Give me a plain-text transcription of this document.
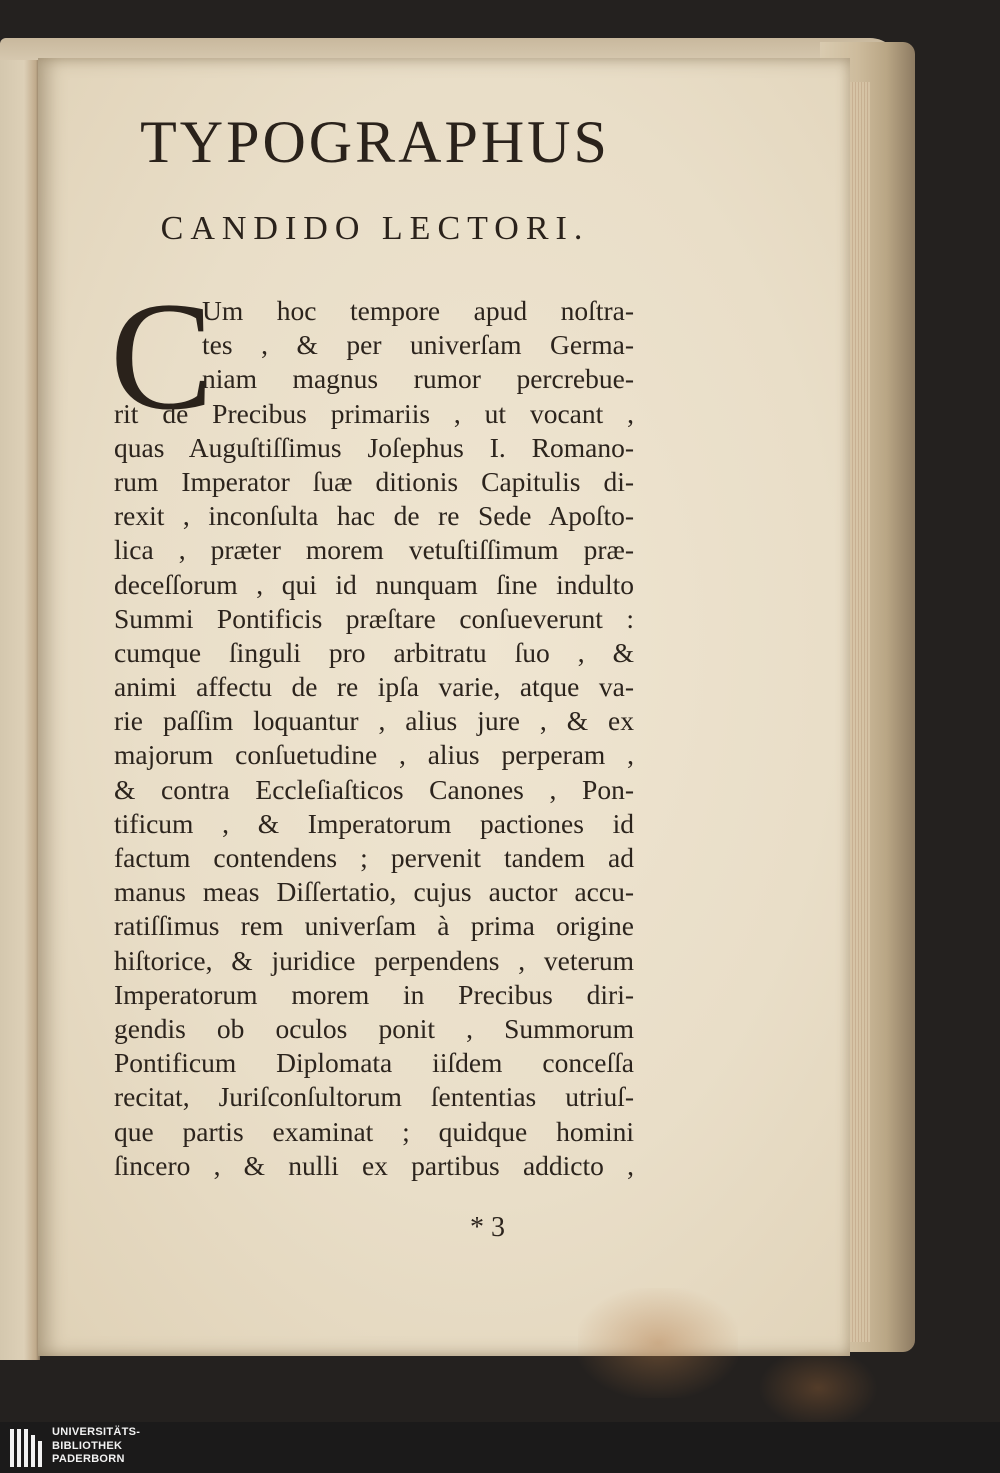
TYPOGRAPHUS
CANDIDO LECTORI.
C
Um hoc tempore apud noſtra-
tes , & per univerſam Germa-
niam magnus rumor percrebue-
rit de Precibus primariis , ut vocant ,
quas Auguſtiſſimus Joſephus I. Romano-
rum Imperator ſuæ ditionis Capitulis di-
rexit , inconſulta hac de re Sede Apoſto-
lica , præter morem vetuſtiſſimum præ-
deceſſorum , qui id nunquam ſine indulto
Summi Pontificis præſtare conſueverunt :
cumque ſinguli pro arbitratu ſuo , &
animi affectu de re ipſa varie, atque va-
rie paſſim loquantur , alius jure , & ex
majorum conſuetudine , alius perperam ,
& contra Eccleſiaſticos Canones , Pon-
tificum , & Imperatorum pactiones id
factum contendens ; pervenit tandem ad
manus meas Diſſertatio, cujus auctor accu-
ratiſſimus rem univerſam à prima origine
hiſtorice, & juridice perpendens , veterum
Imperatorum morem in Precibus diri-
gendis ob oculos ponit , Summorum
Pontificum Diplomata iiſdem conceſſa
recitat, Juriſconſultorum ſententias utriuſ-
que partis examinat ; quidque homini
ſincero , & nulli ex partibus addicto ,
* 3
UNIVERSITÄTS-
BIBLIOTHEK
PADERBORN
